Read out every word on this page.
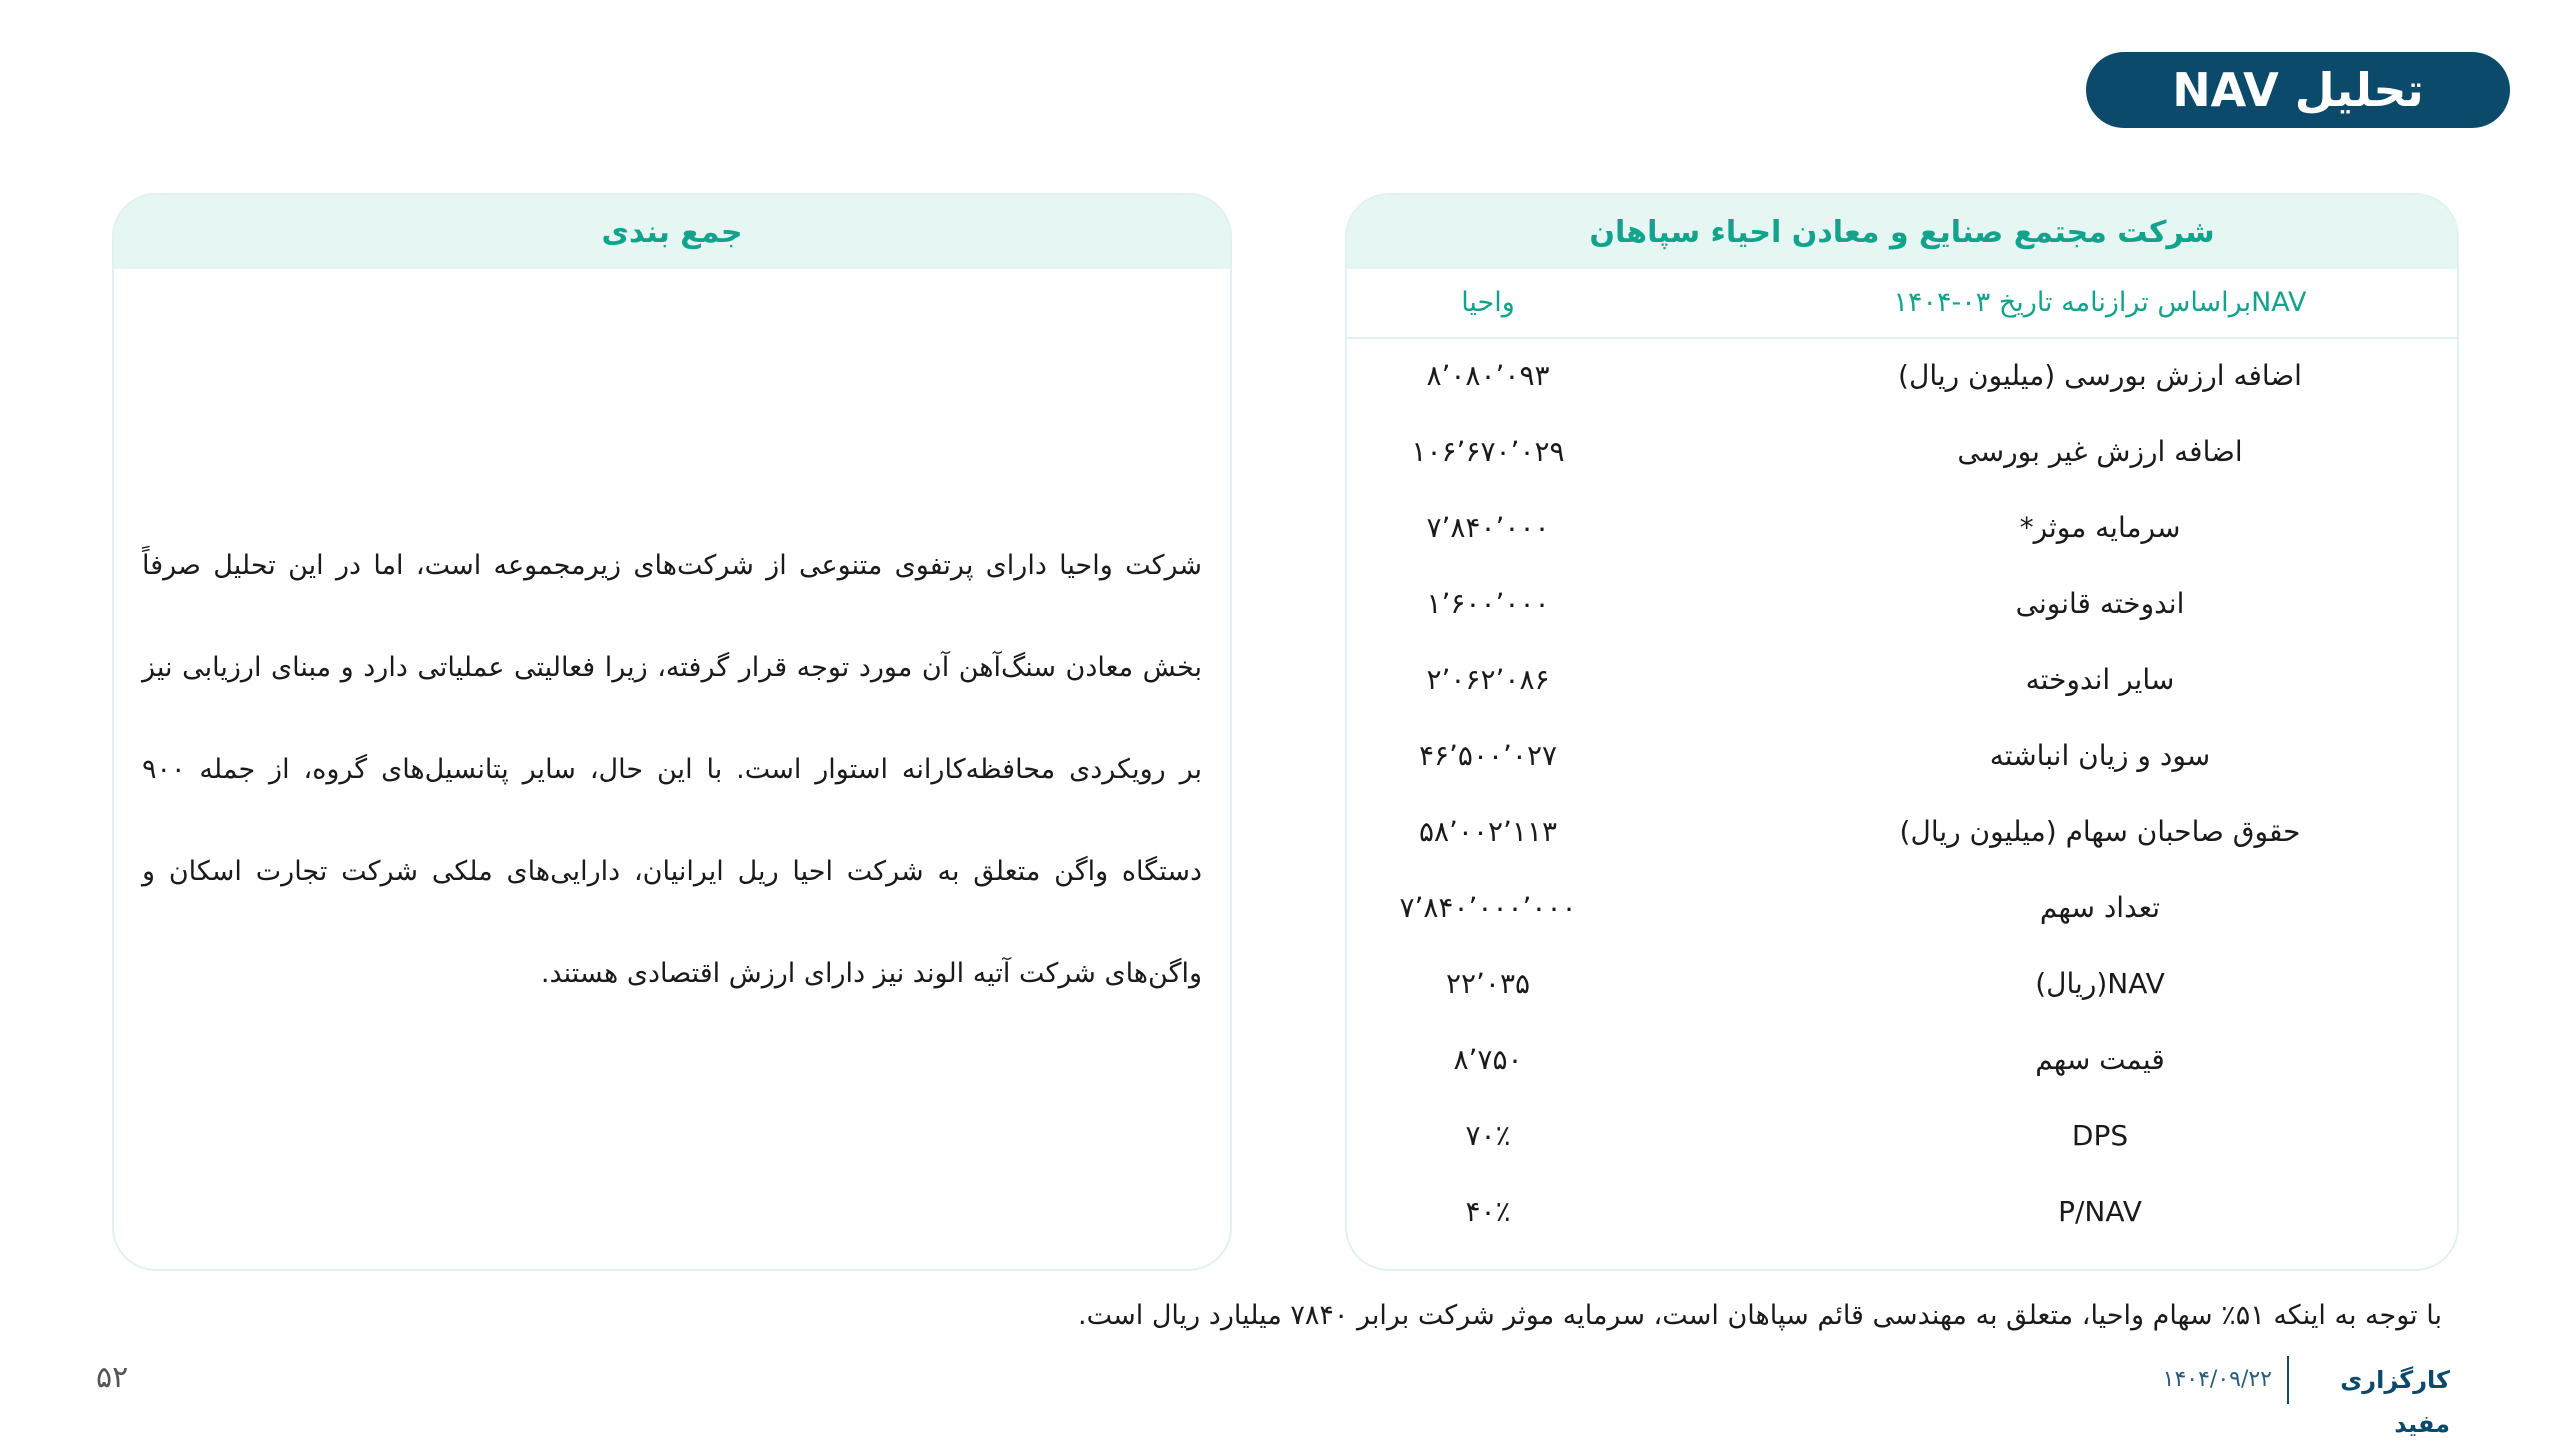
تحلیل NAV
شرکت مجتمع صنایع و معادن احیاء سپاهان
NAVبراساس ترازنامه تاریخ ۰۳-۱۴۰۴
واحیا
اضافه ارزش بورسی (میلیون ریال)
۸٬۰۸۰٬۰۹۳
اضافه ارزش غیر بورسی
۱۰۶٬۶۷۰٬۰۲۹
سرمایه موثر*
۷٬۸۴۰٬۰۰۰
اندوخته قانونی
۱٬۶۰۰٬۰۰۰
سایر اندوخته
۲٬۰۶۲٬۰۸۶
سود و زیان انباشته
۴۶٬۵۰۰٬۰۲۷
حقوق صاحبان سهام (میلیون ریال)
۵۸٬۰۰۲٬۱۱۳
تعداد سهم
۷٬۸۴۰٬۰۰۰٬۰۰۰
NAV(ریال)
۲۲٬۰۳۵
قیمت سهم
۸٬۷۵۰
DPS
۷۰٪
P/NAV
۴۰٪
جمع بندی
شرکت واحیا دارای پرتفوی متنوعی از شرکت‌های زیرمجموعه است، اما در این تحلیل صرفاً بخش معادن سنگ‌آهن آن مورد توجه قرار گرفته، زیرا فعالیتی عملیاتی دارد و مبنای ارزیابی نیز بر رویکردی محافظه‌کارانه استوار است. با این حال، سایر پتانسیل‌های گروه، از جمله ۹۰۰ دستگاه واگن متعلق به شرکت احیا ریل ایرانیان، دارایی‌های ملکی شرکت تجارت اسکان و واگن‌های شرکت آتیه الوند نیز دارای ارزش اقتصادی هستند.
با توجه به اینکه ۵۱٪ سهام واحیا، متعلق به مهندسی قائم سپاهان است، سرمایه موثر شرکت برابر ۷۸۴۰ میلیارد ریال است.
کارگزاری مفید
۱۴۰۴/۰۹/۲۲
۵۲
